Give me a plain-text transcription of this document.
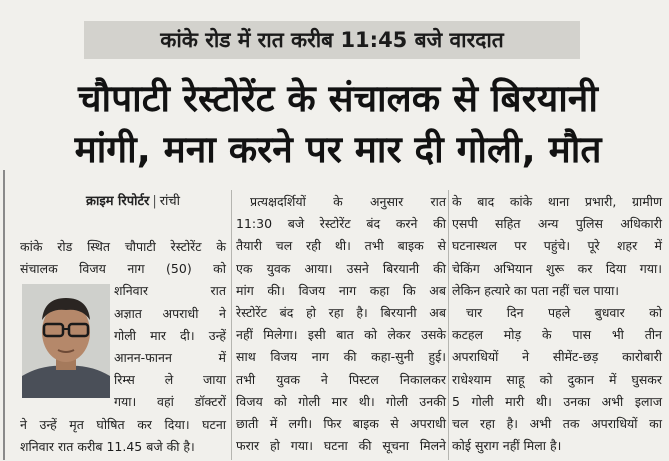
कांके रोड में रात करीब 11:45 बजे वारदात
चौपाटी रेस्टोरेंट के संचालक से बिरयानी
मांगी, मना करने पर मार दी गोली, मौत
क्राइम रिपोर्टर | रांची

कांके रोड स्थित चौपाटी रेस्टोरेंट के

संचालक विजय नाग (50) को

शनिवार रात

अज्ञात अपराधी ने

गोली मार दी। उन्हें

आनन-फानन में

रिम्स ले जाया

गया। वहां डॉक्टरों

ने उन्हें मृत घोषित कर दिया। घटना

शनिवार रात करीब 11.45 बजे की है।

प्रत्यक्षदर्शियों के अनुसार रात

11:30 बजे रेस्टोरेंट बंद करने की

तैयारी चल रही थी। तभी बाइक से

एक युवक आया। उसने बिरयानी की

मांग की। विजय नाग कहा कि अब

रेस्टोरेंट बंद हो रहा है। बिरयानी अब

नहीं मिलेगा। इसी बात को लेकर उसके

साथ विजय नाग की कहा-सुनी हुई।

तभी युवक ने पिस्टल निकालकर

विजय को गोली मार थी। गोली उनकी

छाती में लगी। फिर बाइक से अपराधी

फरार हो गया। घटना की सूचना मिलने

के बाद कांके थाना प्रभारी, ग्रामीण

एसपी सहित अन्य पुलिस अधिकारी

घटनास्थल पर पहुंचे। पूरे शहर में

चेकिंग अभियान शुरू कर दिया गया।

लेकिन हत्यारे का पता नहीं चल पाया।

चार दिन पहले बुधवार को

कटहल मोड़ के पास भी तीन

अपराधियों ने सीमेंट-छड़ कारोबारी

राधेश्याम साहू को दुकान में घुसकर

5 गोली मारी थी। उनका अभी इलाज

चल रहा है। अभी तक अपराधियों का

कोई सुराग नहीं मिला है।
